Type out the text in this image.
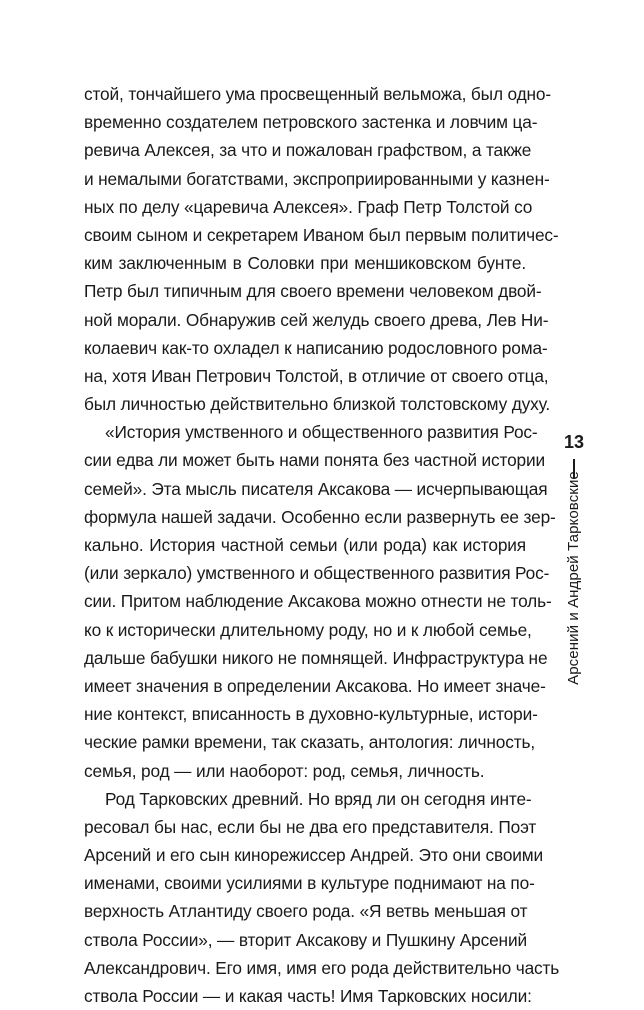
стой, тончайшего ума просвещенный вельможа, был одно-
временно создателем петровского застенка и ловчим ца-
ревича Алексея, за что и пожалован графством, а также
и немалыми богатствами, экспроприированными у казнен-
ных по делу «царевича Алексея». Граф Петр Толстой со
своим сыном и секретарем Иваном был первым политичес-
ким заключенным в Соловки при меншиковском бунте.
Петр был типичным для своего времени человеком двой-
ной морали. Обнаружив сей желудь своего древа, Лев Ни-
колаевич как-то охладел к написанию родословного рома-
на, хотя Иван Петрович Толстой, в отличие от своего отца,
был личностью действительно близкой толстовскому духу.
«История умственного и общественного развития Рос-
сии едва ли может быть нами понята без частной истории
семей». Эта мысль писателя Аксакова — исчерпывающая
формула нашей задачи. Особенно если развернуть ее зер-
кально. История частной семьи (или рода) как история
(или зеркало) умственного и общественного развития Рос-
сии. Притом наблюдение Аксакова можно отнести не толь-
ко к исторически длительному роду, но и к любой семье,
дальше бабушки никого не помнящей. Инфраструктура не
имеет значения в определении Аксакова. Но имеет значе-
ние контекст, вписанность в духовно-культурные, истори-
ческие рамки времени, так сказать, антология: личность,
семья, род — или наоборот: род, семья, личность.
Род Тарковских древний. Но вряд ли он сегодня инте-
ресовал бы нас, если бы не два его представителя. Поэт
Арсений и его сын кинорежиссер Андрей. Это они своими
именами, своими усилиями в культуре поднимают на по-
верхность Атлантиду своего рода. «Я ветвь меньшая от
ствола России», — вторит Аксакову и Пушкину Арсений
Александрович. Его имя, имя его рода действительно часть
ствола России — и какая часть! Имя Тарковских носили:
13
Арсений и Андрей Тарковские
